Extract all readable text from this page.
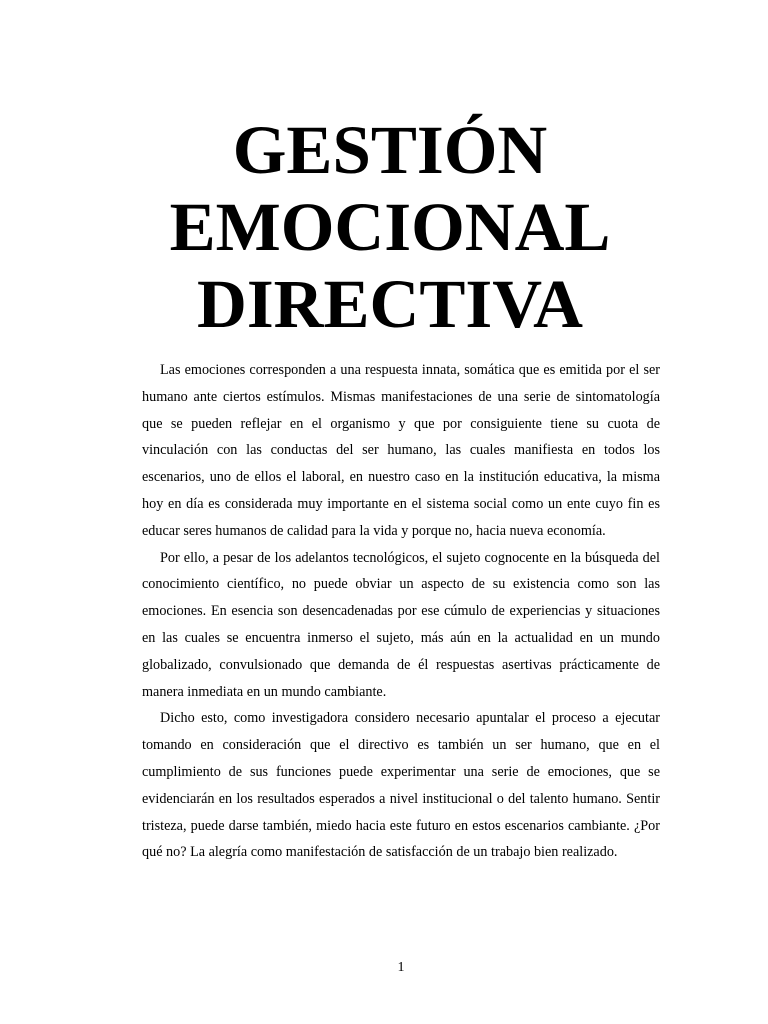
GESTIÓN
EMOCIONAL
DIRECTIVA

Las emociones corresponden a una respuesta innata, somática que es emitida por el ser humano ante ciertos estímulos. Mismas manifestaciones de una serie de sintomatología que se pueden reflejar en el organismo y que por consiguiente tiene su cuota de vinculación con las conductas del ser humano, las cuales manifiesta en todos los escenarios, uno de ellos el laboral, en nuestro caso en la institución educativa, la misma hoy en día es considerada muy importante en el sistema social como un ente cuyo fin es educar seres humanos de calidad para la vida y porque no, hacia nueva economía.

Por ello, a pesar de los adelantos tecnológicos, el sujeto cognocente en la búsqueda del conocimiento científico, no puede obviar un aspecto de su existencia como son las emociones. En esencia son desencadenadas por ese cúmulo de experiencias y situaciones en las cuales se encuentra inmerso el sujeto, más aún en la actualidad en un mundo globalizado, convulsionado que demanda de él respuestas asertivas prácticamente de manera inmediata en un mundo cambiante.

Dicho esto, como investigadora considero necesario apuntalar el proceso a ejecutar tomando en consideración que el directivo es también un ser humano, que en el cumplimiento de sus funciones puede experimentar una serie de emociones, que se evidenciarán en los resultados esperados a nivel institucional o del talento humano. Sentir tristeza, puede darse también, miedo hacia este futuro en estos escenarios cambiante. ¿Por qué no? La alegría como manifestación de satisfacción de un trabajo bien realizado.

1
